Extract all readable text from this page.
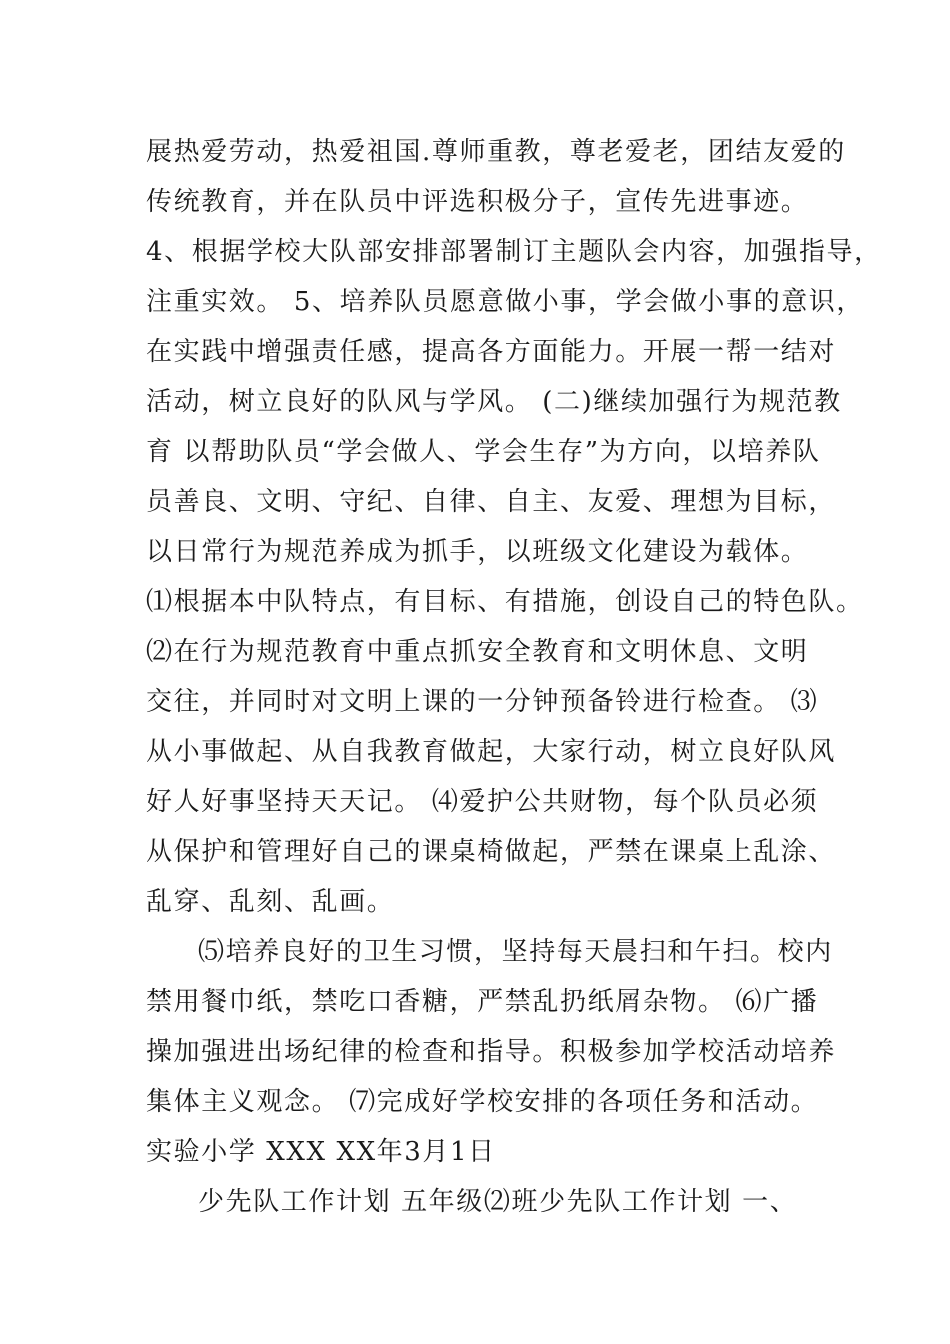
展热爱劳动，热爱祖国.尊师重教，尊老爱老，团结友爱的
传统教育，并在队员中评选积极分子，宣传先进事迹。
4、根据学校大队部安排部署制订主题队会内容，加强指导，
注重实效。 5、培养队员愿意做小事，学会做小事的意识，
在实践中增强责任感，提高各方面能力。开展一帮一结对
活动，树立良好的队风与学风。 (二)继续加强行为规范教
育 以帮助队员“学会做人、学会生存”为方向，以培养队
员善良、文明、守纪、自律、自主、友爱、理想为目标，
以日常行为规范养成为抓手，以班级文化建设为载体。
⑴根据本中队特点，有目标、有措施，创设自己的特色队。
⑵在行为规范教育中重点抓安全教育和文明休息、文明
交往，并同时对文明上课的一分钟预备铃进行检查。 ⑶
从小事做起、从自我教育做起，大家行动，树立良好队风
好人好事坚持天天记。 ⑷爱护公共财物，每个队员必须
从保护和管理好自己的课桌椅做起，严禁在课桌上乱涂、
乱穿、乱刻、乱画。
⑸培养良好的卫生习惯，坚持每天晨扫和午扫。校内
禁用餐巾纸，禁吃口香糖，严禁乱扔纸屑杂物。 ⑹广播
操加强进出场纪律的检查和指导。积极参加学校活动培养
集体主义观念。 ⑺完成好学校安排的各项任务和活动。
实验小学 XXX XX年3月1日
少先队工作计划 五年级⑵班少先队工作计划 一、
